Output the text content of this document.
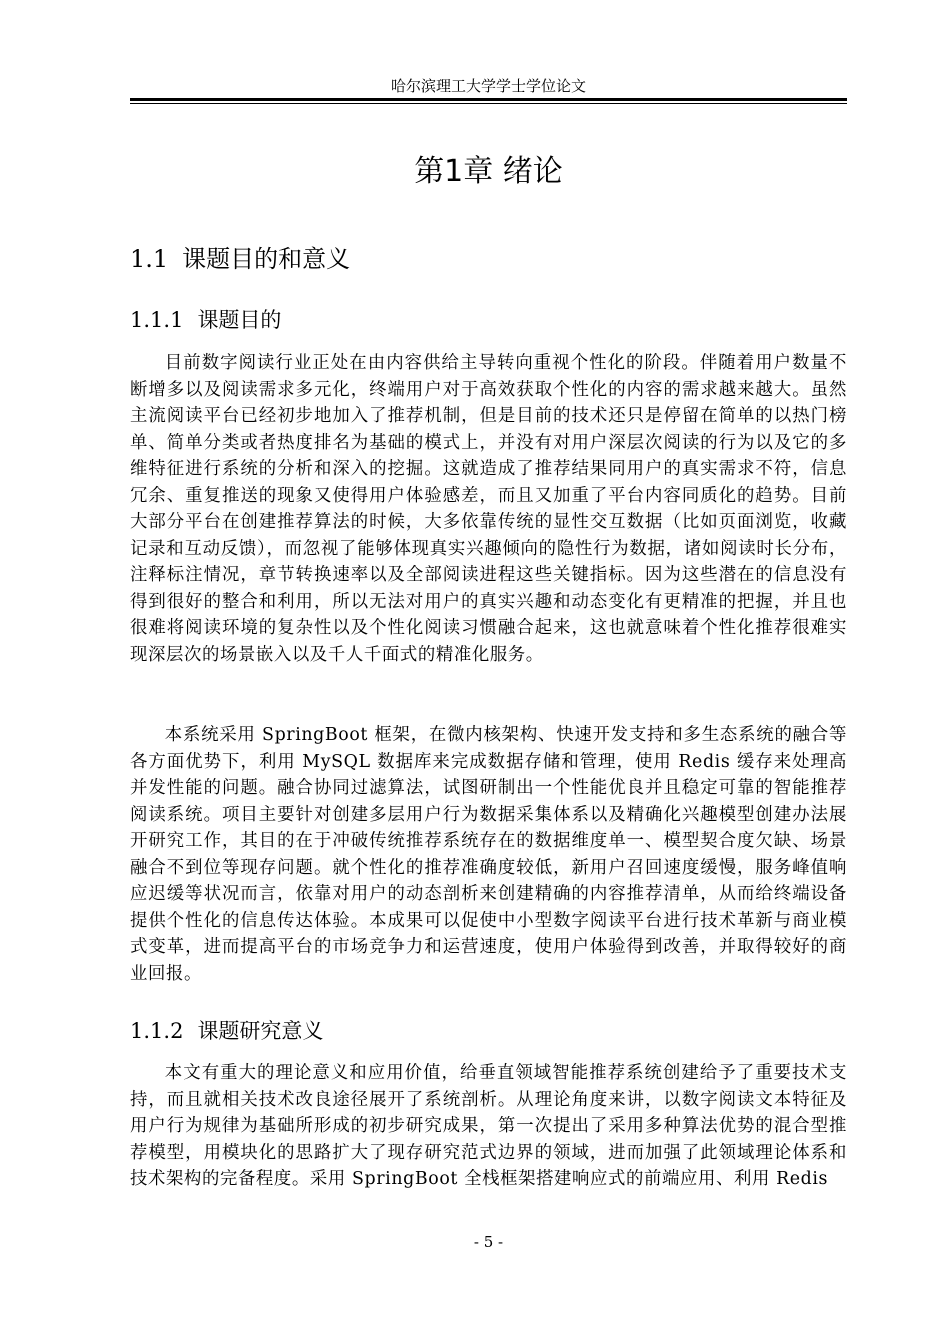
哈尔滨理工大学学士学位论文
第1章 绪论
1.1 课题目的和意义
1.1.1 课题目的

目前数字阅读行业正处在由内容供给主导转向重视个性化的阶段。伴随着用户数量不断增多以及阅读需求多元化，终端用户对于高效获取个性化的内容的需求越来越大。虽然主流阅读平台已经初步地加入了推荐机制，但是目前的技术还只是停留在简单的以热门榜单、简单分类或者热度排名为基础的模式上，并没有对用户深层次阅读的行为以及它的多维特征进行系统的分析和深入的挖掘。这就造成了推荐结果同用户的真实需求不符，信息冗余、重复推送的现象又使得用户体验感差，而且又加重了平台内容同质化的趋势。目前大部分平台在创建推荐算法的时候，大多依靠传统的显性交互数据（比如页面浏览，收藏记录和互动反馈），而忽视了能够体现真实兴趣倾向的隐性行为数据，诸如阅读时长分布，注释标注情况，章节转换速率以及全部阅读进程这些关键指标。因为这些潜在的信息没有得到很好的整合和利用，所以无法对用户的真实兴趣和动态变化有更精准的把握，并且也很难将阅读环境的复杂性以及个性化阅读习惯融合起来，这也就意味着个性化推荐很难实现深层次的场景嵌入以及千人千面式的精准化服务。

本系统采用 SpringBoot 框架，在微内核架构、快速开发支持和多生态系统的融合等各方面优势下，利用 MySQL 数据库来完成数据存储和管理，使用 Redis 缓存来处理高并发性能的问题。融合协同过滤算法，试图研制出一个性能优良并且稳定可靠的智能推荐阅读系统。项目主要针对创建多层用户行为数据采集体系以及精确化兴趣模型创建办法展开研究工作，其目的在于冲破传统推荐系统存在的数据维度单一、模型契合度欠缺、场景融合不到位等现存问题。就个性化的推荐准确度较低，新用户召回速度缓慢，服务峰值响应迟缓等状况而言，依靠对用户的动态剖析来创建精确的内容推荐清单，从而给终端设备提供个性化的信息传达体验。本成果可以促使中小型数字阅读平台进行技术革新与商业模式变革，进而提高平台的市场竞争力和运营速度，使用户体验得到改善，并取得较好的商业回报。

1.1.2 课题研究意义

本文有重大的理论意义和应用价值，给垂直领域智能推荐系统创建给予了重要技术支持，而且就相关技术改良途径展开了系统剖析。从理论角度来讲，以数字阅读文本特征及用户行为规律为基础所形成的初步研究成果，第一次提出了采用多种算法优势的混合型推荐模型，用模块化的思路扩大了现存研究范式边界的领域，进而加强了此领域理论体系和技术架构的完备程度。采用 SpringBoot 全栈框架搭建响应式的前端应用、利用 Redis

- 5 -
